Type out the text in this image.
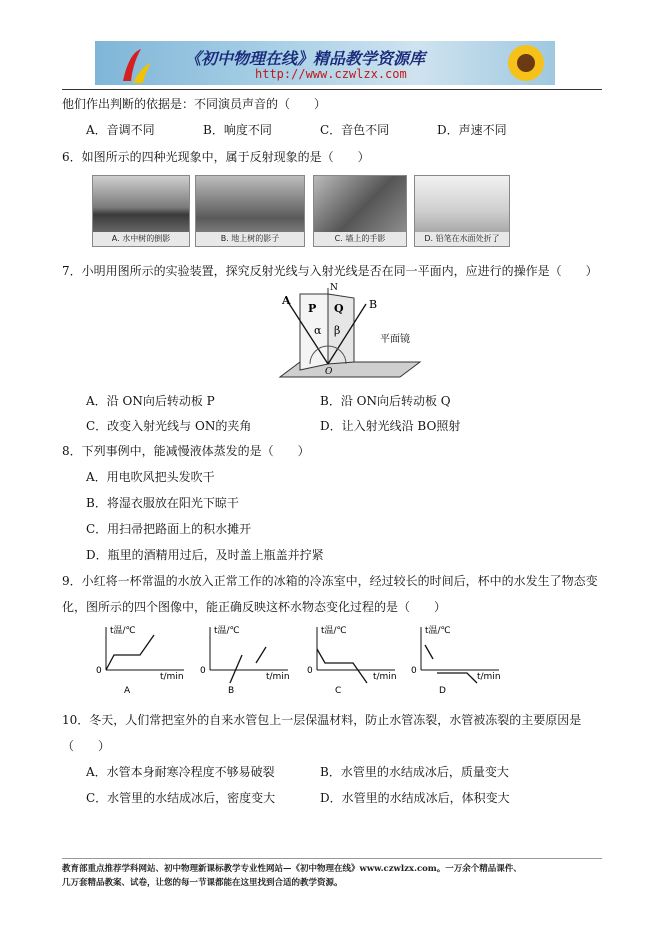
《初中物理在线》精品教学资源库
http://www.czwlzx.com
他们作出判断的依据是：不同演员声音的（　　）
A．音调不同	B．响度不同	C．音色不同	D．声速不同
6．如图所示的四种光现象中，属于反射现象的是（　　）
A. 水中树的倒影	B. 地上树的影子	C. 墙上的手影	D. 铅笔在水面处折了
7．小明用图所示的实验装置，探究反射光线与入射光线是否在同一平面内，应进行的操作是（　　）
A	B
N
P Q
α β
O
平面镜
A．沿 ON向后转动板 P	B．沿 ON向后转动板 Q
C．改变入射光线与 ON的夹角	D．让入射光线沿 BO照射
8．下列事例中，能减慢液体蒸发的是（　　）
A．用电吹风把头发吹干
B．将湿衣服放在阳光下晾干
C．用扫帚把路面上的积水摊开
D．瓶里的酒精用过后，及时盖上瓶盖并拧紧
9．小红将一杯常温的水放入正常工作的冰箱的冷冻室中，经过较长的时间后，杯中的水发生了物态变
化，图所示的四个图像中，能正确反映这杯水物态变化过程的是（　　）
t温/℃
t/min
0
A
t温/℃
t/min
0
B
t温/℃
t/min
0
C
t温/℃
t/min
0
D
10．冬天，人们常把室外的自来水管包上一层保温材料，防止水管冻裂，水管被冻裂的主要原因是
（　　）
A．水管本身耐寒冷程度不够易破裂	B．水管里的水结成冰后，质量变大
C．水管里的水结成冰后，密度变大	D．水管里的水结成冰后，体积变大
教育部重点推荐学科网站、初中物理新课标教学专业性网站—《初中物理在线》www.czwlzx.com。一万余个精品课件、
几万套精品教案、试卷，让您的每一节课都能在这里找到合适的教学资源。
